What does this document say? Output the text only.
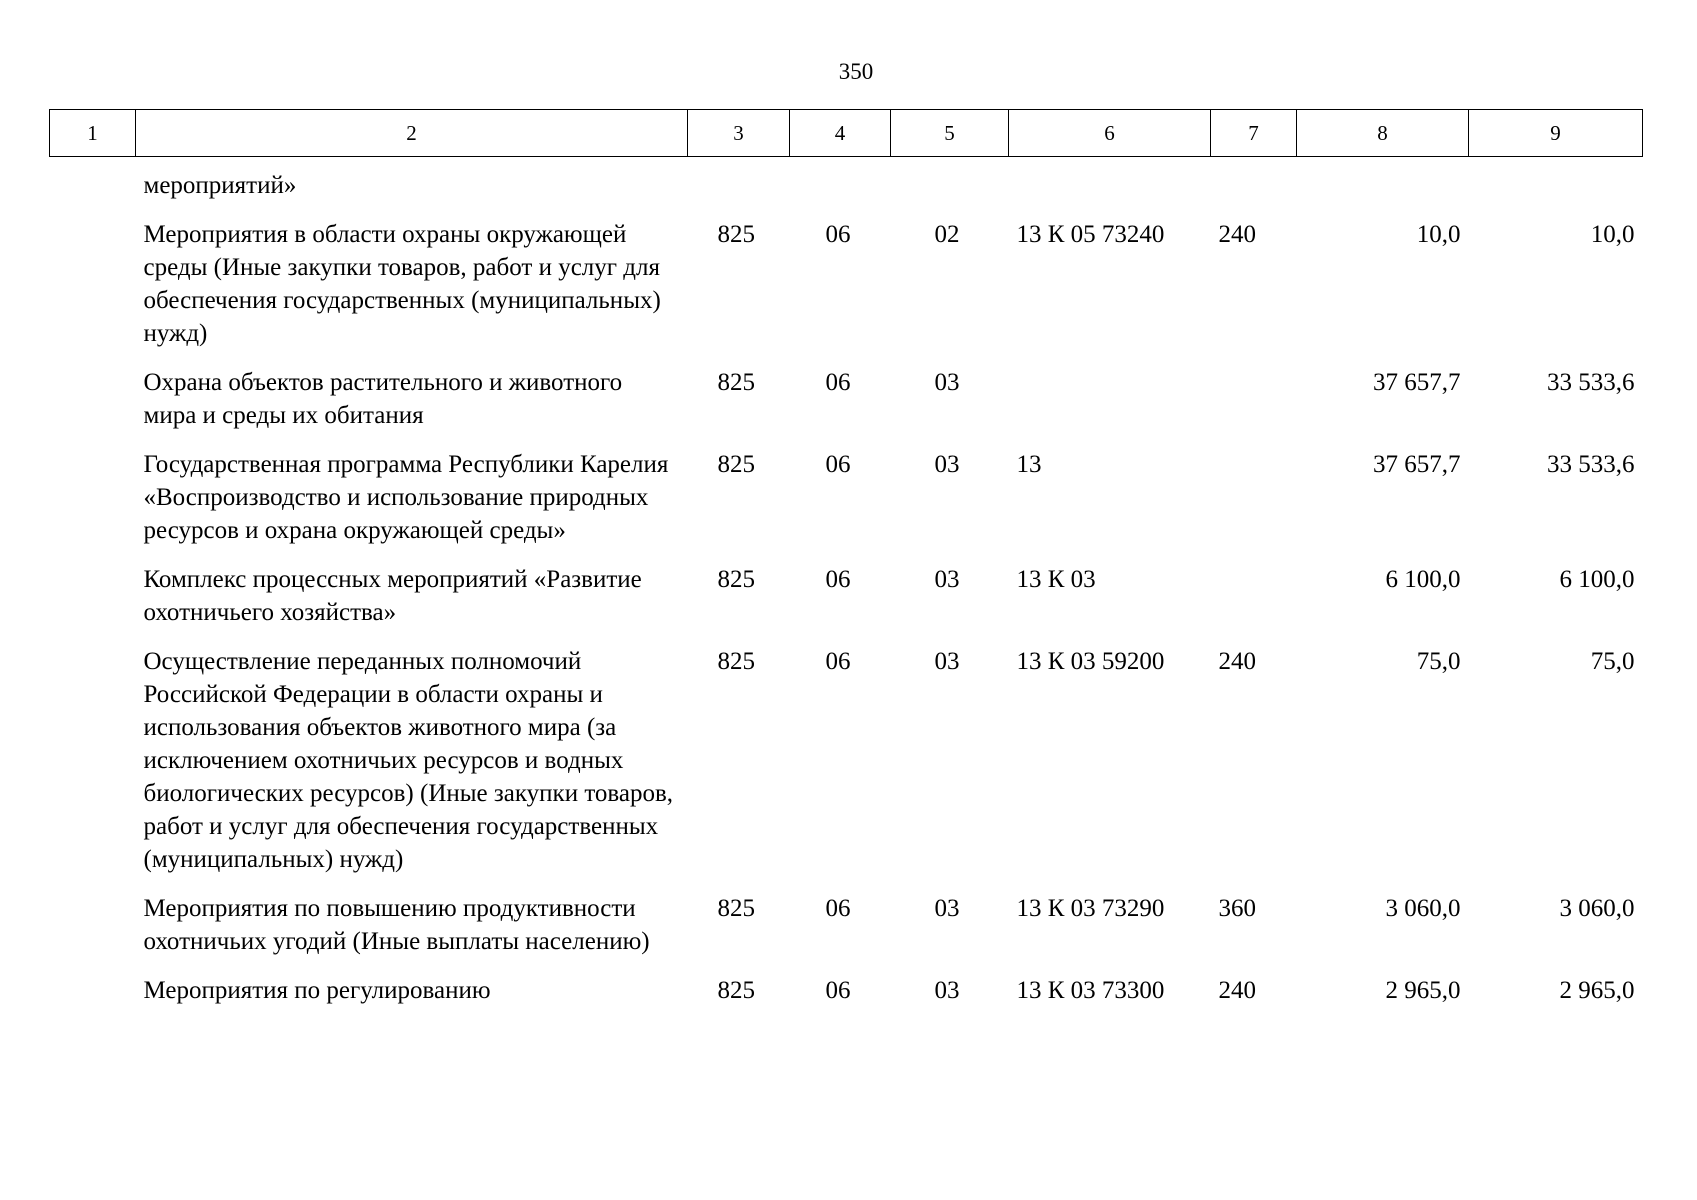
350
1	2	3	4	5	6	7	8	9
	мероприятий»							
	Мероприятия в области охраны окружающей среды (Иные закупки товаров, работ и услуг для обеспечения государственных (муниципальных) нужд)	825	06	02	13 К 05 73240	240	10,0	10,0
	Охрана объектов растительного и животного мира и среды их обитания	825	06	03			37 657,7	33 533,6
	Государственная программа Республики Карелия «Воспроизводство и использование природных ресурсов и охрана окружающей среды»	825	06	03	13		37 657,7	33 533,6
	Комплекс процессных мероприятий «Развитие охотничьего хозяйства»	825	06	03	13 К 03		6 100,0	6 100,0
	Осуществление переданных полномочий Российской Федерации в области охраны и использования объектов животного мира (за исключением охотничьих ресурсов и водных биологических ресурсов) (Иные закупки товаров, работ и услуг для обеспечения государственных (муниципальных) нужд)	825	06	03	13 К 03 59200	240	75,0	75,0
	Мероприятия по повышению продуктивности охотничьих угодий (Иные выплаты населению)	825	06	03	13 К 03 73290	360	3 060,0	3 060,0
	Мероприятия по регулированию	825	06	03	13 К 03 73300	240	2 965,0	2 965,0
